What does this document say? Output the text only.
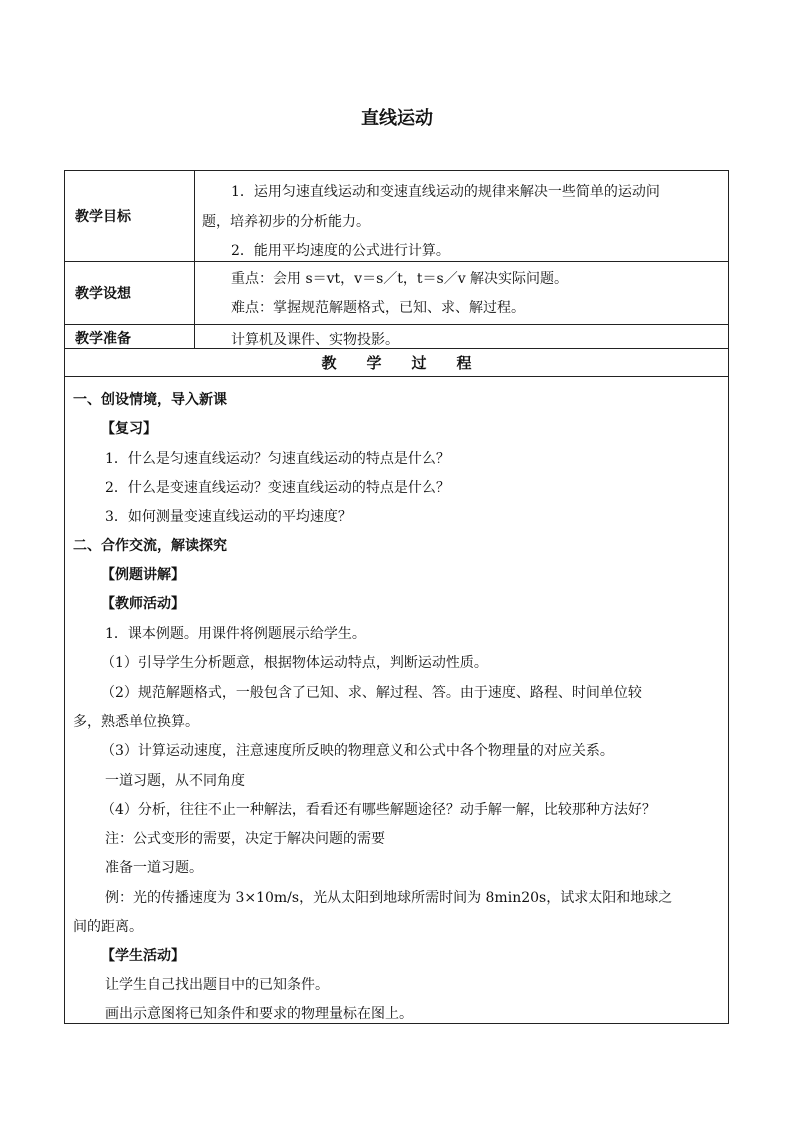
直线运动
教学目标
1．运用匀速直线运动和变速直线运动的规律来解决一些简单的运动问
题，培养初步的分析能力。
2．能用平均速度的公式进行计算。
教学设想
重点：会用 s＝vt，v＝s／t，t＝s／v 解决实际问题。
难点：掌握规范解题格式，已知、求、解过程。
教学准备	计算机及课件、实物投影。
教学过程
一、创设情境，导入新课
【复习】
1．什么是匀速直线运动？匀速直线运动的特点是什么？
2．什么是变速直线运动？变速直线运动的特点是什么？
3．如何测量变速直线运动的平均速度？
二、合作交流，解读探究
【例题讲解】
【教师活动】
1．课本例题。用课件将例题展示给学生。
（1）引导学生分析题意，根据物体运动特点，判断运动性质。
（2）规范解题格式，一般包含了已知、求、解过程、答。由于速度、路程、时间单位较
多，熟悉单位换算。
（3）计算运动速度，注意速度所反映的物理意义和公式中各个物理量的对应关系。
一道习题，从不同角度
（4）分析，往往不止一种解法，看看还有哪些解题途径？动手解一解，比较那种方法好？
注：公式变形的需要，决定于解决问题的需要
准备一道习题。
例：光的传播速度为 3×10m/s，光从太阳到地球所需时间为 8min20s，试求太阳和地球之
间的距离。
【学生活动】
让学生自己找出题目中的已知条件。
画出示意图将已知条件和要求的物理量标在图上。
